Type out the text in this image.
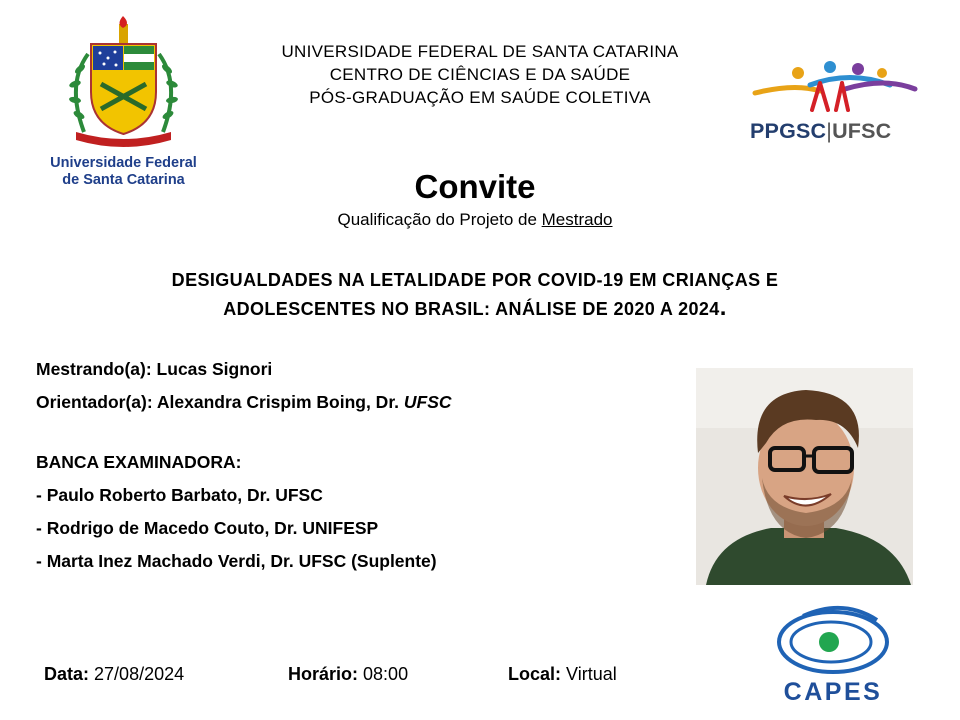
Universidade Federal
de Santa Catarina
UNIVERSIDADE FEDERAL DE SANTA CATARINA
CENTRO DE CIÊNCIAS E DA SAÚDE
PÓS-GRADUAÇÃO EM SAÚDE COLETIVA
PPGSC|UFSC
Convite
Qualificação do Projeto de Mestrado
DESIGUALDADES NA LETALIDADE POR COVID-19 EM CRIANÇAS E
ADOLESCENTES NO BRASIL: ANÁLISE DE 2020 A 2024.
Mestrando(a): Lucas Signori
Orientador(a): Alexandra Crispim Boing, Dr. UFSC
BANCA EXAMINADORA:
- Paulo Roberto Barbato, Dr. UFSC
- Rodrigo de Macedo Couto, Dr. UNIFESP
- Marta Inez Machado Verdi, Dr. UFSC (Suplente)
Data: 27/08/2024	Horário: 08:00	Local: Virtual
CAPES
